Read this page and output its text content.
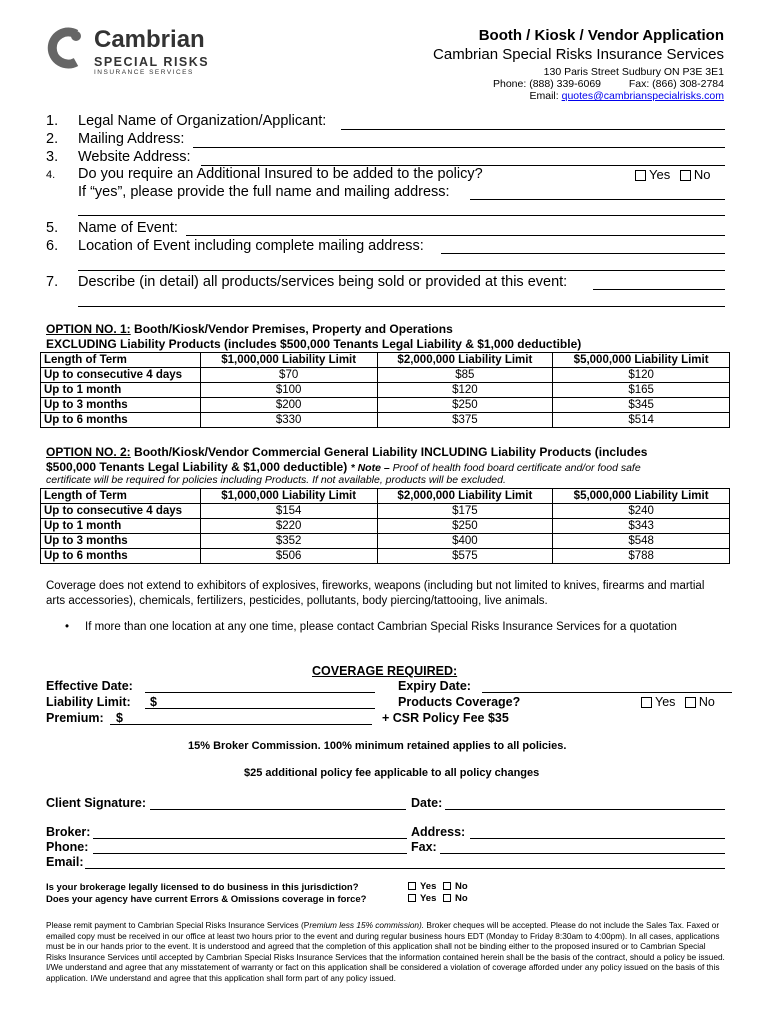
Cambrian
SPECIAL RISKS
INSURANCE SERVICES
Booth / Kiosk / Vendor Application
Cambrian Special Risks Insurance Services
130 Paris Street Sudbury ON P3E 3E1
Phone: (888) 339-6069	Fax: (866) 308-2784
Email: quotes@cambrianspecialrisks.com
1. Legal Name of Organization/Applicant:
2. Mailing Address:
3. Website Address:
4. Do you require an Additional Insured to be added to the policy?	Yes No
If “yes”, please provide the full name and mailing address:
5. Name of Event:
6. Location of Event including complete mailing address:
7. Describe (in detail) all products/services being sold or provided at this event:
OPTION NO. 1: Booth/Kiosk/Vendor Premises, Property and Operations
EXCLUDING Liability Products (includes $500,000 Tenants Legal Liability & $1,000 deductible)
Length of Term	$1,000,000 Liability Limit	$2,000,000 Liability Limit	$5,000,000 Liability Limit
Up to consecutive 4 days	$70	$85	$120
Up to 1 month	$100	$120	$165
Up to 3 months	$200	$250	$345
Up to 6 months	$330	$375	$514
OPTION NO. 2: Booth/Kiosk/Vendor Commercial General Liability INCLUDING Liability Products (includes
$500,000 Tenants Legal Liability & $1,000 deductible) * Note – Proof of health food board certificate and/or food safe
certificate will be required for policies including Products. If not available, products will be excluded.
Length of Term	$1,000,000 Liability Limit	$2,000,000 Liability Limit	$5,000,000 Liability Limit
Up to consecutive 4 days	$154	$175	$240
Up to 1 month	$220	$250	$343
Up to 3 months	$352	$400	$548
Up to 6 months	$506	$575	$788
Coverage does not extend to exhibitors of explosives, fireworks, weapons (including but not limited to knives, firearms and martial arts accessories), chemicals, fertilizers, pesticides, pollutants, body piercing/tattooing, live animals.
• If more than one location at any one time, please contact Cambrian Special Risks Insurance Services for a quotation
COVERAGE REQUIRED:
Effective Date:	Expiry Date:
Liability Limit: $	Products Coverage?	Yes No
Premium: $	+ CSR Policy Fee $35
15% Broker Commission. 100% minimum retained applies to all policies.
$25 additional policy fee applicable to all policy changes
Client Signature:	Date:
Broker:	Address:
Phone:	Fax:
Email:
Is your brokerage legally licensed to do business in this jurisdiction?	Yes No
Does your agency have current Errors & Omissions coverage in force?	Yes No
Please remit payment to Cambrian Special Risks Insurance Services (Premium less 15% commission). Broker cheques will be accepted. Please do not include the Sales Tax. Faxed or emailed copy must be received in our office at least two hours prior to the event and during regular business hours EDT (Monday to Friday 8:30am to 4:00pm). In all cases, applications must be in our hands prior to the event. It is understood and agreed that the completion of this application shall not be binding either to the proposed insured or to Cambrian Special Risks Insurance Services until accepted by Cambrian Special Risks Insurance Services that the information contained herein shall be the basis of the contract, should a policy be issued. I/We understand and agree that any misstatement of warranty or fact on this application shall be considered a violation of coverage afforded under any policy issued on the basis of this application. I/We understand and agree that this application shall form part of any policy issued.
